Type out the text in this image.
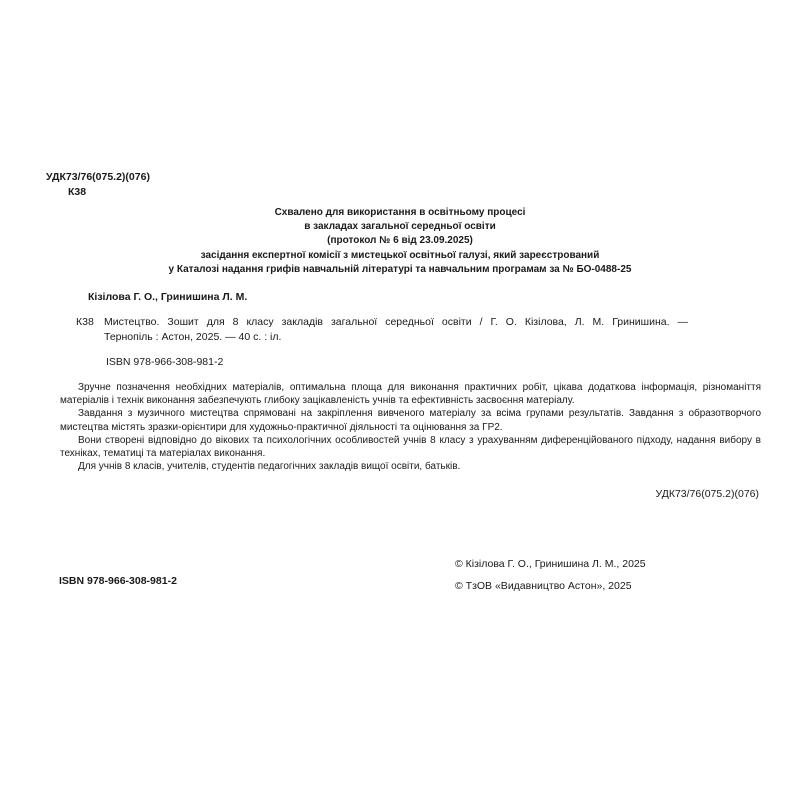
УДК73/76(075.2)(076)
К38
Схвалено для використання в освітньому процесі
в закладах загальної середньої освіти
(протокол № 6 від 23.09.2025)
засідання експертної комісії з мистецької освітньої галузі, який зареєстрований
у Каталозі надання грифів навчальній літературі та навчальним програмам за № БО-0488-25
Кізілова Г. О., Гринишина Л. М.
К38 Мистецтво. Зошит для 8 класу закладів загальної середньої освіти / Г. О. Кізілова, Л. М. Гринишина. —
Тернопіль : Астон, 2025. — 40 с. : іл.
ISBN 978-966-308-981-2

Зручне позначення необхідних матеріалів, оптимальна площа для виконання практичних робіт, цікава додаткова інформація, різноманіття матеріалів і технік виконання забезпечують глибоку зацікавленість учнів та ефективність засвоєння матеріалу.

Завдання з музичного мистецтва спрямовані на закріплення вивченого матеріалу за всіма групами результатів. Завдання з образотворчого мистецтва містять зразки-орієнтири для художньо-практичної діяльності та оцінювання за ГР2.

Вони створені відповідно до вікових та психологічних особливостей учнів 8 класу з урахуванням диференційованого підходу, надання вибору в техніках, тематиці та матеріалах виконання.

Для учнів 8 класів, учителів, студентів педагогічних закладів вищої освіти, батьків.

УДК73/76(075.2)(076)
© Кізілова Г. О., Гринишина Л. М., 2025
© ТзОВ «Видавництво Астон», 2025
ISBN 978-966-308-981-2
